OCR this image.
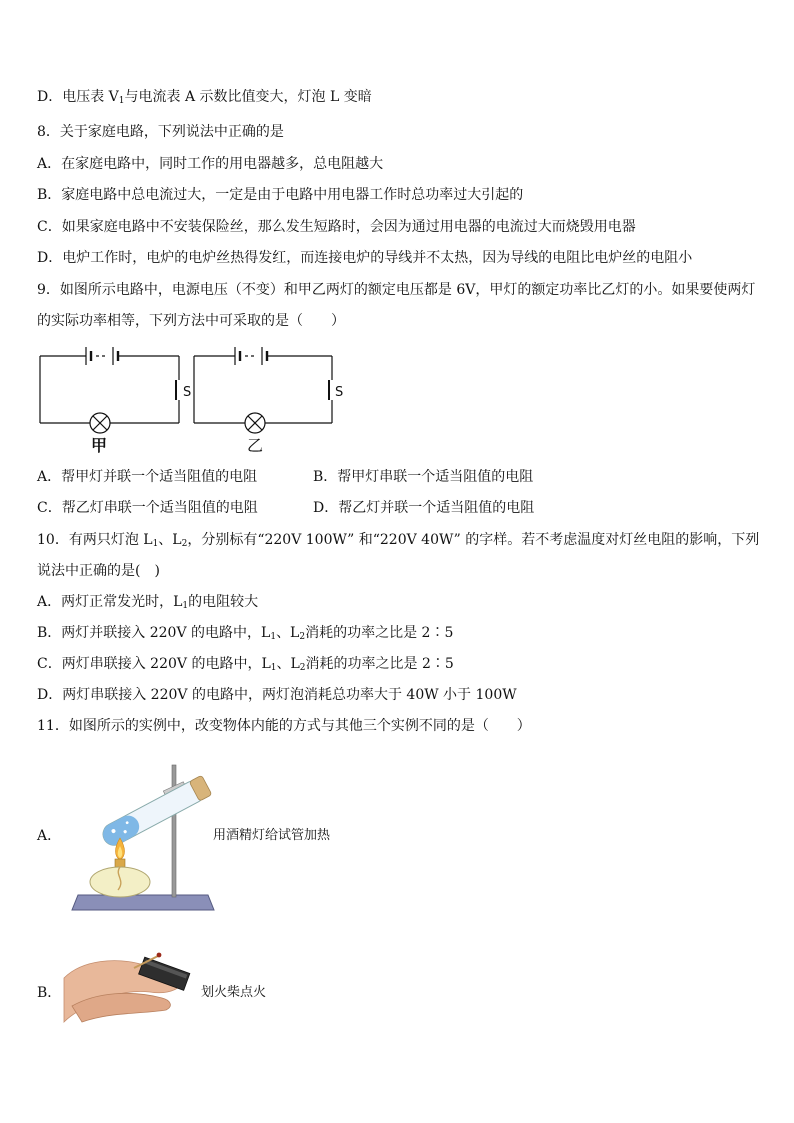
D．电压表 $V_1$与电流表 A 示数比值变大，灯泡 L 变暗
8．关于家庭电路，下列说法中正确的是
A．在家庭电路中，同时工作的用电器越多，总电阻越大
B．家庭电路中总电流过大，一定是由于电路中用电器工作时总功率过大引起的
C．如果家庭电路中不安装保险丝，那么发生短路时，会因为通过用电器的电流过大而烧毁用电器
D．电炉工作时，电炉的电炉丝热得发红，而连接电炉的导线并不太热，因为导线的电阻比电炉丝的电阻小
9．如图所示电路中，电源电压（不变）和甲乙两灯的额定电压都是 6V，甲灯的额定功率比乙灯的小。如果要使两灯
的实际功率相等，下列方法中可采取的是（　　）
S
甲
S
乙
A．帮甲灯并联一个适当阻值的电阻	B．帮甲灯串联一个适当阻值的电阻
C．帮乙灯串联一个适当阻值的电阻	D．帮乙灯并联一个适当阻值的电阻
10．有两只灯泡 $L_1$、$L_2$，分别标有“220V 100W” 和“220V 40W” 的字样。若不考虑温度对灯丝电阻的影响，下列
说法中正确的是(　)
A．两灯正常发光时，$L_1$的电阻较大
B．两灯并联接入 220V 的电路中，$L_1$、$L_2$消耗的功率之比是 2∶5
C．两灯串联接入 220V 的电路中，$L_1$、$L_2$消耗的功率之比是 2∶5
D．两灯串联接入 220V 的电路中，两灯泡消耗总功率大于 40W 小于 100W
11．如图所示的实例中，改变物体内能的方式与其他三个实例不同的是（　　）
A．	用酒精灯给试管加热
B．	划火柴点火
